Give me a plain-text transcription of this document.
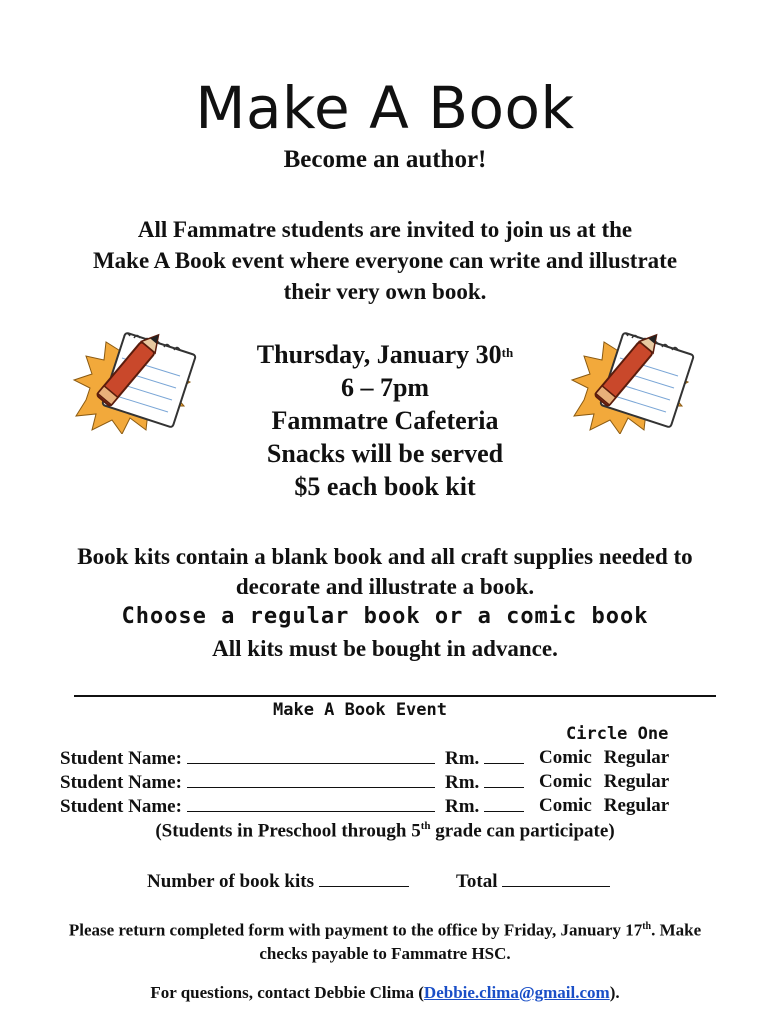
Make A Book
Become an author!
All Fammatre students are invited to join us at the
Make A Book event where everyone can write and illustrate
their very own book.
Thursday, January 30th
6 – 7pm
Fammatre Cafeteria
Snacks will be served
$5 each book kit
Book kits contain a blank book and all craft supplies needed to
decorate and illustrate a book.
Choose a regular book or a comic book
All kits must be bought in advance.
Make A Book Event
Circle One
Student Name:	Rm.	Comic Regular
Student Name:	Rm.	Comic Regular
Student Name:	Rm.	Comic Regular
(Students in Preschool through 5th grade can participate)
Number of book kits	Total
Please return completed form with payment to the office by Friday, January 17th. Make
checks payable to Fammatre HSC.
For questions, contact Debbie Clima (Debbie.clima@gmail.com).
